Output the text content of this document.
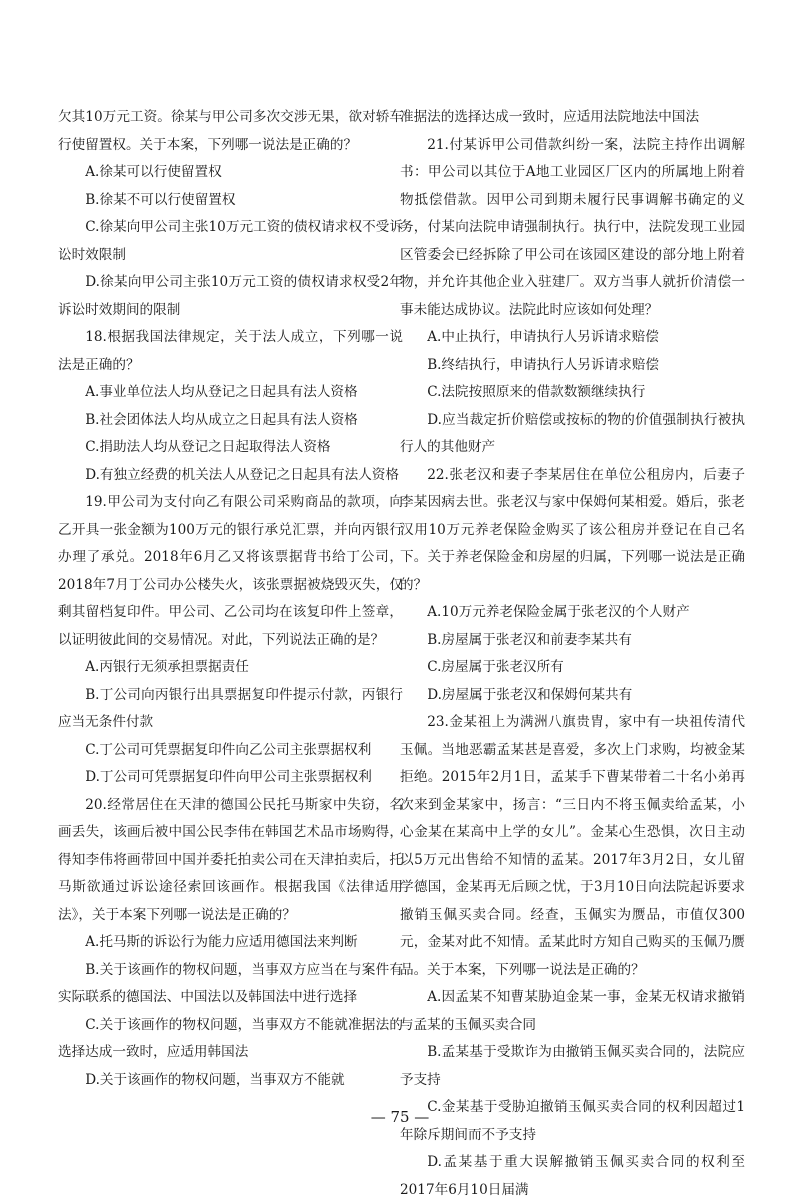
欠其10万元工资。徐某与甲公司多次交涉无果，欲对轿车行使留置权。关于本案，下列哪一说法是正确的？
A.徐某可以行使留置权
B.徐某不可以行使留置权
C.徐某向甲公司主张10万元工资的债权请求权不受诉讼时效限制
D.徐某向甲公司主张10万元工资的债权请求权受2年诉讼时效期间的限制
18.根据我国法律规定，关于法人成立，下列哪一说法是正确的？
A.事业单位法人均从登记之日起具有法人资格
B.社会团体法人均从成立之日起具有法人资格
C.捐助法人均从登记之日起取得法人资格
D.有独立经费的机关法人从登记之日起具有法人资格
19.甲公司为支付向乙有限公司采购商品的款项，向乙开具一张金额为100万元的银行承兑汇票，并向丙银行办理了承兑。2018年6月乙又将该票据背书给丁公司，2018年7月丁公司办公楼失火，该张票据被烧毁灭失，仅剩其留档复印件。甲公司、乙公司均在该复印件上签章，以证明彼此间的交易情况。对此，下列说法正确的是？
A.丙银行无须承担票据责任
B.丁公司向丙银行出具票据复印件提示付款，丙银行应当无条件付款
C.丁公司可凭票据复印件向乙公司主张票据权利
D.丁公司可凭票据复印件向甲公司主张票据权利
20.经常居住在天津的德国公民托马斯家中失窃，名画丢失，该画后被中国公民李伟在韩国艺术品市场购得，得知李伟将画带回中国并委托拍卖公司在天津拍卖后，托马斯欲通过诉讼途径索回该画作。根据我国《法律适用法》，关于本案下列哪一说法是正确的？
A.托马斯的诉讼行为能力应适用德国法来判断
B.关于该画作的物权问题，当事双方应当在与案件有实际联系的德国法、中国法以及韩国法中进行选择
C.关于该画作的物权问题，当事双方不能就准据法的选择达成一致时，应适用韩国法
D.关于该画作的物权问题，当事双方不能就
准据法的选择达成一致时，应适用法院地法中国法
21.付某诉甲公司借款纠纷一案，法院主持作出调解书：甲公司以其位于A地工业园区厂区内的所属地上附着物抵偿借款。因甲公司到期未履行民事调解书确定的义务，付某向法院申请强制执行。执行中，法院发现工业园区管委会已经拆除了甲公司在该园区建设的部分地上附着物，并允许其他企业入驻建厂。双方当事人就折价清偿一事未能达成协议。法院此时应该如何处理？
A.中止执行，申请执行人另诉请求赔偿
B.终结执行，申请执行人另诉请求赔偿
C.法院按照原来的借款数额继续执行
D.应当裁定折价赔偿或按标的物的价值强制执行被执行人的其他财产
22.张老汉和妻子李某居住在单位公租房内，后妻子李某因病去世。张老汉与家中保姆何某相爱。婚后，张老汉用10万元养老保险金购买了该公租房并登记在自己名下。关于养老保险金和房屋的归属，下列哪一说法是正确的？
A.10万元养老保险金属于张老汉的个人财产
B.房屋属于张老汉和前妻李某共有
C.房屋属于张老汉所有
D.房屋属于张老汉和保姆何某共有
23.金某祖上为满洲八旗贵胄，家中有一块祖传清代玉佩。当地恶霸孟某甚是喜爱，多次上门求购，均被金某拒绝。2015年2月1日，孟某手下曹某带着二十名小弟再次来到金某家中，扬言：“三日内不将玉佩卖给孟某，小心金某在某高中上学的女儿”。金某心生恐惧，次日主动以5万元出售给不知情的孟某。2017年3月2日，女儿留学德国，金某再无后顾之忧，于3月10日向法院起诉要求撤销玉佩买卖合同。经查，玉佩实为赝品，市值仅300元，金某对此不知情。孟某此时方知自己购买的玉佩乃赝品。关于本案，下列哪一说法是正确的？
A.因孟某不知曹某胁迫金某一事，金某无权请求撤销与孟某的玉佩买卖合同
B.孟某基于受欺诈为由撤销玉佩买卖合同的，法院应予支持
C.金某基于受胁迫撤销玉佩买卖合同的权利因超过1年除斥期间而不予支持
D.孟某基于重大误解撤销玉佩买卖合同的权利至2017年6月10日届满
— 75 —
